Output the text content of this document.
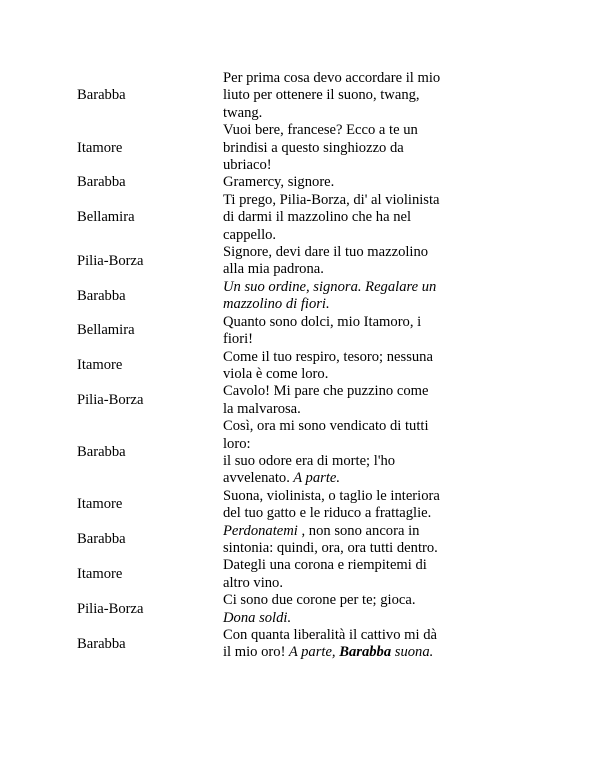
Barabba
Per prima cosa devo accordare il mio
liuto per ottenere il suono, twang,
twang.
Itamore
Vuoi bere, francese? Ecco a te un
brindisi a questo singhiozzo da
ubriaco!
Barabba	Gramercy, signore.
Bellamira
Ti prego, Pilia-Borza, di' al violinista
di darmi il mazzolino che ha nel
cappello.
Pilia-Borza
Signore, devi dare il tuo mazzolino
alla mia padrona.
Barabba
Un suo ordine, signora. Regalare un
mazzolino di fiori.
Bellamira
Quanto sono dolci, mio Itamoro, i
fiori!
Itamore
Come il tuo respiro, tesoro; nessuna
viola è come loro.
Pilia-Borza
Cavolo! Mi pare che puzzino come
la malvarosa.
Barabba
Così, ora mi sono vendicato di tutti
loro:
il suo odore era di morte; l'ho
avvelenato. A parte.
Itamore
Suona, violinista, o taglio le interiora
del tuo gatto e le riduco a frattaglie.
Barabba
Perdonatemi , non sono ancora in
sintonia: quindi, ora, ora tutti dentro.
Itamore
Dategli una corona e riempitemi di
altro vino.
Pilia-Borza
Ci sono due corone per te; gioca.
Dona soldi.
Barabba
Con quanta liberalità il cattivo mi dà
il mio oro! A parte, Barabba suona.
